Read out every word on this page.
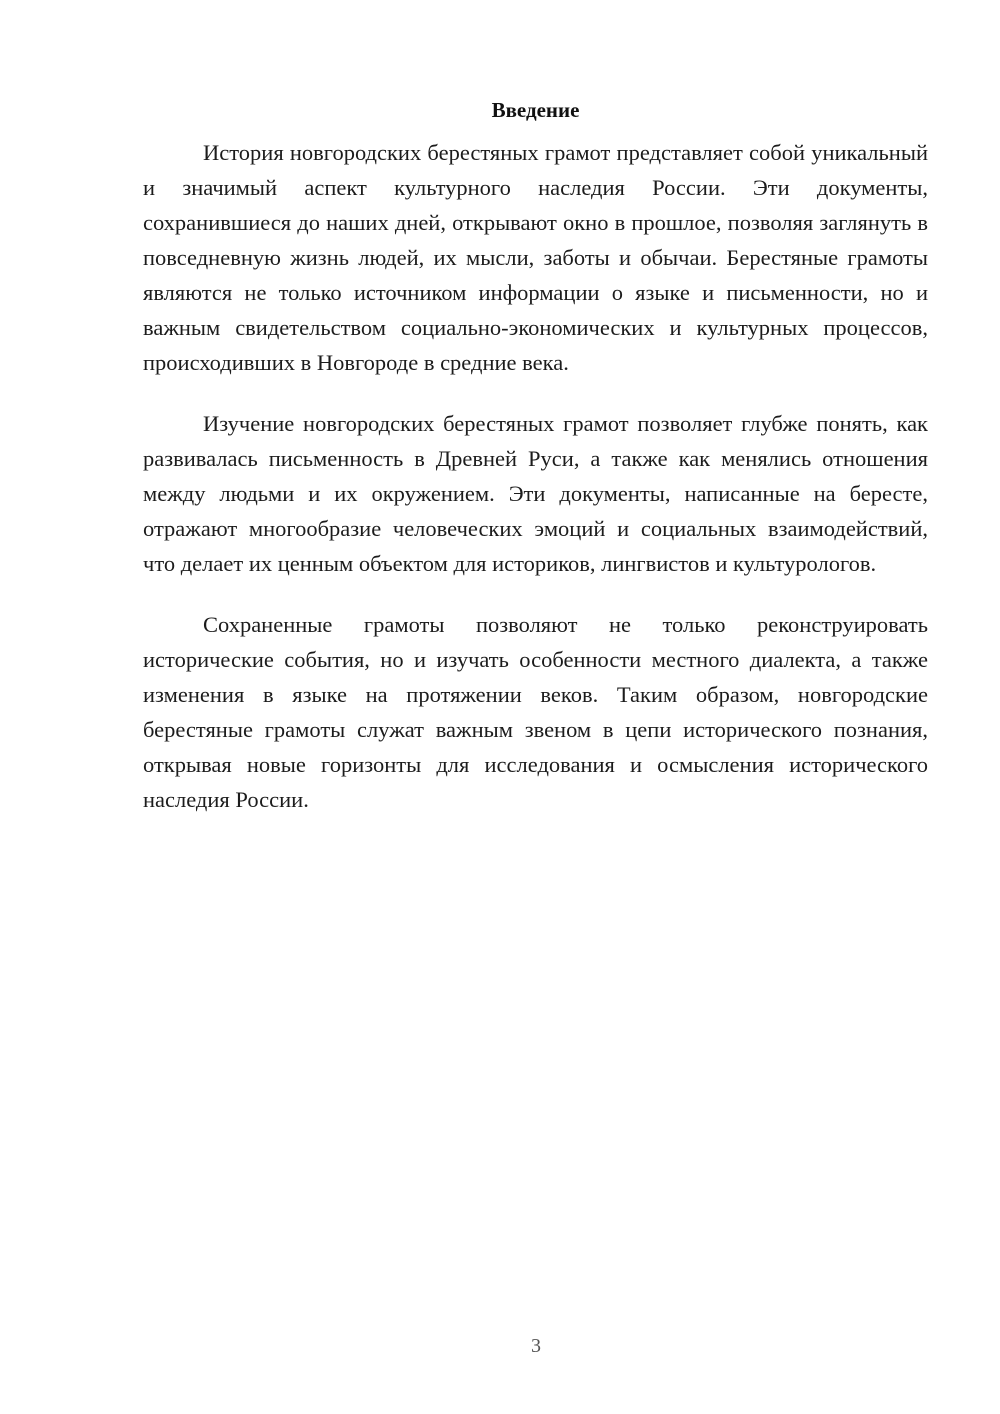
Введение

История новгородских берестяных грамот представляет собой уникальный и значимый аспект культурного наследия России. Эти документы, сохранившиеся до наших дней, открывают окно в прошлое, позволяя заглянуть в повседневную жизнь людей, их мысли, заботы и обычаи. Берестяные грамоты являются не только источником информации о языке и письменности, но и важным свидетельством социально-экономических и культурных процессов, происходивших в Новгороде в средние века.

Изучение новгородских берестяных грамот позволяет глубже понять, как развивалась письменность в Древней Руси, а также как менялись отношения между людьми и их окружением. Эти документы, написанные на бересте, отражают многообразие человеческих эмоций и социальных взаимодействий, что делает их ценным объектом для историков, лингвистов и культурологов.

Сохраненные грамоты позволяют не только реконструировать исторические события, но и изучать особенности местного диалекта, а также изменения в языке на протяжении веков. Таким образом, новгородские берестяные грамоты служат важным звеном в цепи исторического познания, открывая новые горизонты для исследования и осмысления исторического наследия России.

3
